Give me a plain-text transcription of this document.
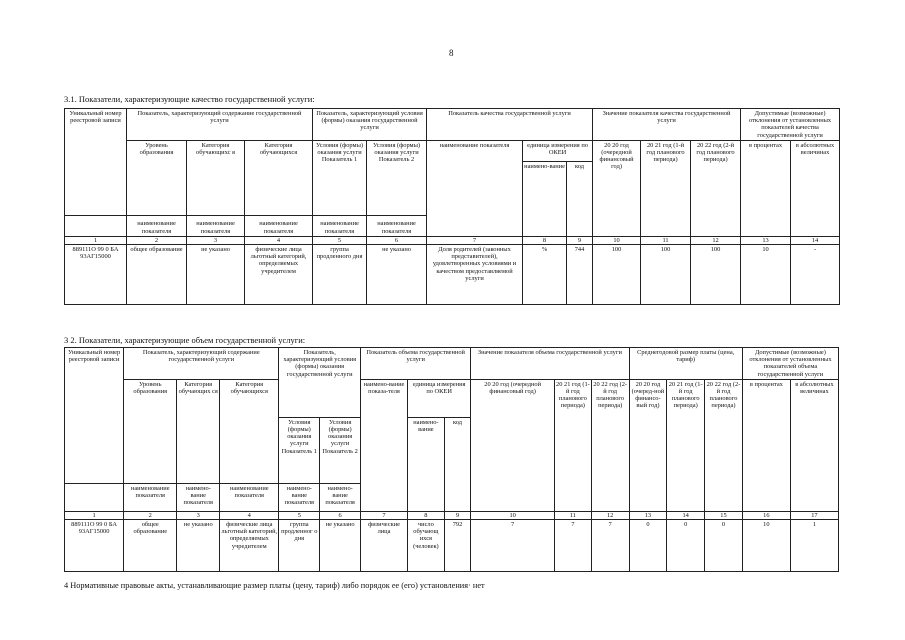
8
3.1. Показатели, характеризующие качество государственной услуги:
Уникальный номер реестровой записи	Показатель, характеризующий содержание государственной услуги			Показатель, характеризующий условия (формы) оказания государственной услуги		Показатель качества государственной услуги			Значение показателя качества государственной услуги			Допустимые (возможные) отклонения от установленных показателей качества государственной услуги	
	Уровень образования	Категория обучающихс я	Категория обучающихся	Условия (формы) оказания услуги Показатель 1	Условия (формы) оказания услуги Показатель 2	наименование показателя	единица измерения по ОКЕИ		20 20 год (очередной финансовый год)	20 21 год (1-й год планового периода)	20 22 год (2-й год планового периода)	в процентах	в абсолютных величинах
							наимено-вание	код					
	наименование показателя	наименование показателя	наименование показателя	наименование показателя	наименование показателя								
1	2	3	4	5	6	7	8	9	10	11	12	13	14
889111О 99 0 БА 93АГ15000	общее образование	не указано	физические лица льготный категорий, определяемых учредителем	группа продленного дня	не указано	Доля родителей (законных представителей), удовлетворенных условиями и качеством предоставляемой услуги	%	744	100	100	100	10	-
3 2. Показатели, характеризующие объем государственной услуги:
Уникальный номер реестровой записи	Показатель, характеризующий содержание государственной услуги			Показатель, характеризующий условия (формы) оказания государственной услуги		Показатель объема государственной услуги			Значение показателя объема государственной услуги			Среднегодовой размер платы (цена, тариф)			Допустимые (возможные) отклонения от установленных показателей объема государственной услуги	
	Уровень образования	Категория обучающих ся	Категория обучающихся			наимено-вание показа-теля	единица измерения по ОКЕИ		20 20 год (очередной финансовый год)	20 21 год (1-й год планового периода)	20 22 год (2-й год планового периода)	20 20 год (очеред-ной финансо-вый год)	20 21 год (1-й год планового периода)	20 22 год (2-й год планового периода)	в процентах	в абсолютных величинах
				Условия (формы) оказания услуги Показатель 1	Условия (формы) оказания услуги Показатель 2		наимено-вание	код								
	наименование показателя	наимено-вание показателя	наименование показателя	наимено-вание показателя	наимено-вание показателя											
1	2	3	4	5	6	7	8	9	10	11	12	13	14	15	16	17
889111О 99 0 БА 93АГ15000	общее образование	не указано	физические лица льготный категорий, определяемых учредителем	группа продленног о дня	не указано	физические лица	число обучающ ихся (человек)	792	7	7	7	0	0	0	10	1
4 Нормативные правовые акты, устанавливающие размер платы (цену, тариф) либо порядок ее (его) установления· нет
